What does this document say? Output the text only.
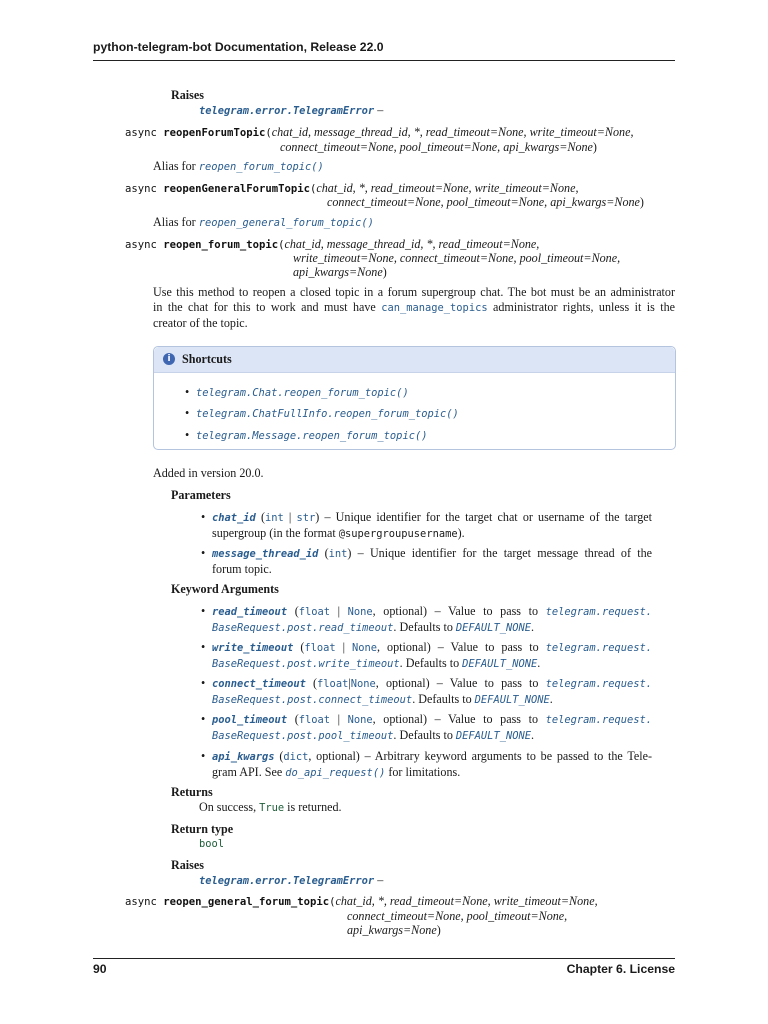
python-telegram-bot Documentation, Release 22.0
Raises
telegram.error.TelegramError –
async reopenForumTopic(chat_id, message_thread_id, *, read_timeout=None, write_timeout=None,
connect_timeout=None, pool_timeout=None, api_kwargs=None)
Alias for reopen_forum_topic()
async reopenGeneralForumTopic(chat_id, *, read_timeout=None, write_timeout=None,
connect_timeout=None, pool_timeout=None, api_kwargs=None)
Alias for reopen_general_forum_topic()
async reopen_forum_topic(chat_id, message_thread_id, *, read_timeout=None,
write_timeout=None, connect_timeout=None, pool_timeout=None,
api_kwargs=None)
Use this method to reopen a closed topic in a forum supergroup chat. The bot must be an administrator
in the chat for this to work and must have can_manage_topics administrator rights, unless it is the
creator of the topic.
i Shortcuts
• telegram.Chat.reopen_forum_topic()
• telegram.ChatFullInfo.reopen_forum_topic()
• telegram.Message.reopen_forum_topic()
Added in version 20.0.
Parameters
chat_id (int | str) – Unique identifier for the target chat or username of the target
supergroup (in the format @supergroupusername).
message_thread_id (int) – Unique identifier for the target message thread of the
forum topic.
Keyword Arguments
read_timeout (float | None, optional) – Value to pass to telegram.request.
BaseRequest.post.read_timeout. Defaults to DEFAULT_NONE.
write_timeout (float | None, optional) – Value to pass to telegram.request.
BaseRequest.post.write_timeout. Defaults to DEFAULT_NONE.
connect_timeout (float|None, optional) – Value to pass to telegram.request.
BaseRequest.post.connect_timeout. Defaults to DEFAULT_NONE.
pool_timeout (float | None, optional) – Value to pass to telegram.request.
BaseRequest.post.pool_timeout. Defaults to DEFAULT_NONE.
api_kwargs (dict, optional) – Arbitrary keyword arguments to be passed to the Tele-
gram API. See do_api_request() for limitations.
Returns
On success, True is returned.
Return type
bool
Raises
telegram.error.TelegramError –
async reopen_general_forum_topic(chat_id, *, read_timeout=None, write_timeout=None,
connect_timeout=None, pool_timeout=None,
api_kwargs=None)
90	Chapter 6. License
